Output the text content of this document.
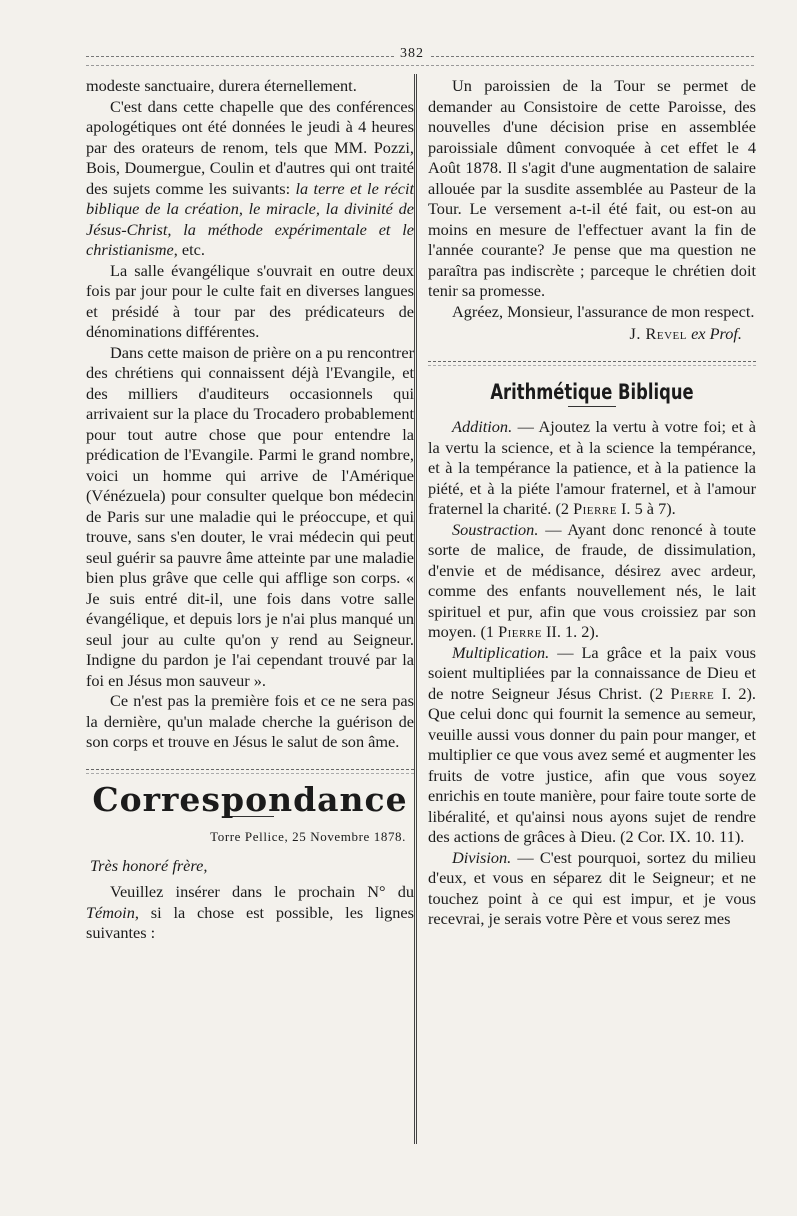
382

modeste sanctuaire, durera éternellement.

C'est dans cette chapelle que des conférences apologétiques ont été données le jeudi à 4 heures par des orateurs de renom, tels que MM. Pozzi, Bois, Doumergue, Coulin et d'autres qui ont traité des sujets comme les suivants: la terre et le récit biblique de la création, le miracle, la divinité de Jésus-Christ, la méthode expérimentale et le christianisme, etc.

La salle évangélique s'ouvrait en outre deux fois par jour pour le culte fait en diverses langues et présidé à tour par des prédicateurs de dénominations différentes.

Dans cette maison de prière on a pu rencontrer des chrétiens qui connaissent déjà l'Evangile, et des milliers d'auditeurs occasionnels qui arrivaient sur la place du Trocadero probablement pour tout autre chose que pour entendre la prédication de l'Evangile. Parmi le grand nombre, voici un homme qui arrive de l'Amérique (Vénézuela) pour consulter quelque bon médecin de Paris sur une maladie qui le préoccupe, et qui trouve, sans s'en douter, le vrai médecin qui peut seul guérir sa pauvre âme atteinte par une maladie bien plus grâve que celle qui afflige son corps. « Je suis entré dit-il, une fois dans votre salle évangélique, et depuis lors je n'ai plus manqué un seul jour au culte qu'on y rend au Seigneur. Indigne du pardon je l'ai cependant trouvé par la foi en Jésus mon sauveur ».

Ce n'est pas la première fois et ce ne sera pas la dernière, qu'un malade cherche la guérison de son corps et trouve en Jésus le salut de son âme.

Correspondance
Torre Pellice, 25 Novembre 1878.
Très honoré frère,

Veuillez insérer dans le prochain N° du Témoin, si la chose est possible, les lignes suivantes :

Un paroissien de la Tour se permet de demander au Consistoire de cette Paroisse, des nouvelles d'une décision prise en assemblée paroissiale dûment convoquée à cet effet le 4 Août 1878. Il s'agit d'une augmentation de salaire allouée par la susdite assemblée au Pasteur de la Tour. Le versement a-t-il été fait, ou est-on au moins en mesure de l'effectuer avant la fin de l'année courante? Je pense que ma question ne paraîtra pas indiscrète ; parceque le chrétien doit tenir sa promesse.

Agréez, Monsieur, l'assurance de mon respect.

J. Revel ex Prof.
Arithmétique Biblique

Addition. — Ajoutez la vertu à votre foi; et à la vertu la science, et à la science la tempérance, et à la tempérance la patience, et à la patience la piété, et à la piéte l'amour fraternel, et à l'amour fraternel la charité. (2 Pierre I. 5 à 7).

Soustraction. — Ayant donc renoncé à toute sorte de malice, de fraude, de dissimulation, d'envie et de médisance, désirez avec ardeur, comme des enfants nouvellement nés, le lait spirituel et pur, afin que vous croissiez par son moyen. (1 Pierre II. 1. 2).

Multiplication. — La grâce et la paix vous soient multipliées par la connaissance de Dieu et de notre Seigneur Jésus Christ. (2 Pierre I. 2). Que celui donc qui fournit la semence au semeur, veuille aussi vous donner du pain pour manger, et multiplier ce que vous avez semé et augmenter les fruits de votre justice, afin que vous soyez enrichis en toute manière, pour faire toute sorte de libéralité, et qu'ainsi nous ayons sujet de rendre des actions de grâces à Dieu. (2 Cor. IX. 10. 11).

Division. — C'est pourquoi, sortez du milieu d'eux, et vous en séparez dit le Seigneur; et ne touchez point à ce qui est impur, et je vous recevrai, je serais votre Père et vous serez mes
